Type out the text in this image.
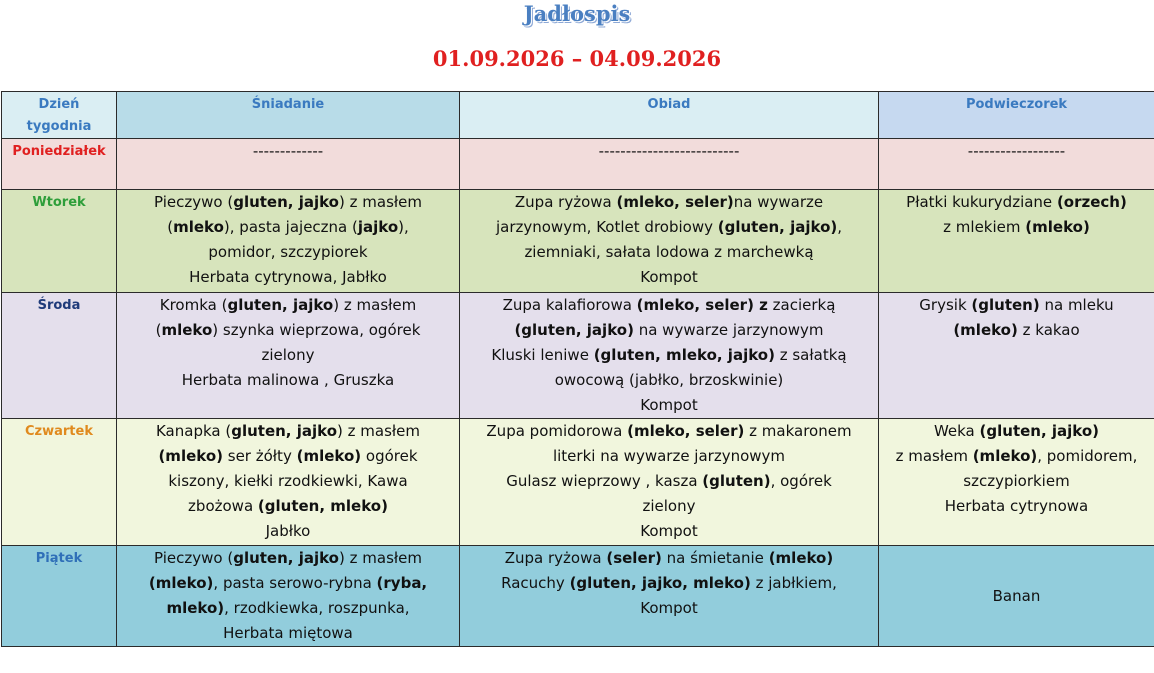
Jadłospis
01.09.2026 – 04.09.2026
Dzień
tygodnia	Śniadanie	Obiad	Podwieczorek
Poniedziałek	-------------	--------------------------	------------------
Wtorek	Pieczywo (gluten, jajko) z masłem
(mleko), pasta jajeczna (jajko),
pomidor, szczypiorek
Herbata cytrynowa, Jabłko	Zupa ryżowa (mleko, seler)na wywarze
jarzynowym, Kotlet drobiowy (gluten, jajko),
ziemniaki, sałata lodowa z marchewką
Kompot	Płatki kukurydziane (orzech)
z mlekiem (mleko)

Środa	Kromka (gluten, jajko) z masłem
(mleko) szynka wieprzowa, ogórek
zielony
Herbata malinowa , Gruszka	Zupa kalafiorowa (mleko, seler) z zacierką
(gluten, jajko) na wywarze jarzynowym
Kluski leniwe (gluten, mleko, jajko) z sałatką
owocową (jabłko, brzoskwinie)
Kompot	Grysik (gluten) na mleku
(mleko) z kakao

Czwartek	Kanapka (gluten, jajko) z masłem
(mleko) ser żółty (mleko) ogórek
kiszony, kiełki rzodkiewki, Kawa
zbożowa (gluten, mleko)
Jabłko	Zupa pomidorowa (mleko, seler) z makaronem
literki na wywarze jarzynowym
Gulasz wieprzowy , kasza (gluten), ogórek
zielony
Kompot	Weka (gluten, jajko)
z masłem (mleko), pomidorem,
szczypiorkiem
Herbata cytrynowa

Piątek	Pieczywo (gluten, jajko) z masłem
(mleko), pasta serowo-rybna (ryba,
mleko), rzodkiewka, roszpunka,
Herbata miętowa	Zupa ryżowa (seler) na śmietanie (mleko)
Racuchy (gluten, jajko, mleko) z jabłkiem,
Kompot	Banan
